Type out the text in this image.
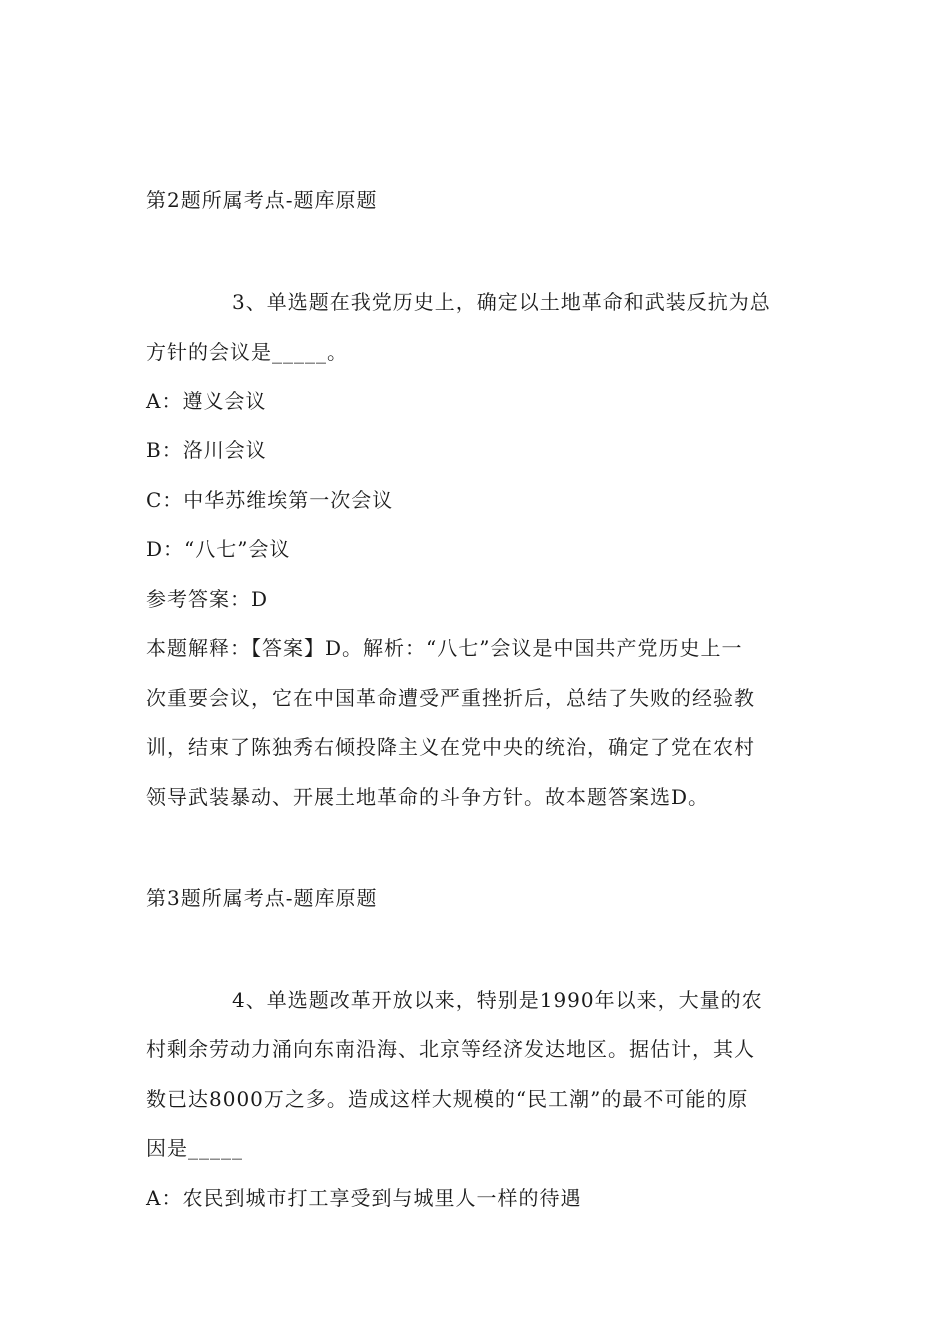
第2题所属考点-题库原题
3、单选题在我党历史上，确定以土地革命和武装反抗为总
方针的会议是_____。
A：遵义会议
B：洛川会议
C：中华苏维埃第一次会议
D：“八七”会议
参考答案：D
本题解释：【答案】D。解析：“八七”会议是中国共产党历史上一
次重要会议，它在中国革命遭受严重挫折后，总结了失败的经验教
训，结束了陈独秀右倾投降主义在党中央的统治，确定了党在农村
领导武装暴动、开展土地革命的斗争方针。故本题答案选D。
第3题所属考点-题库原题
4、单选题改革开放以来，特别是1990年以来，大量的农
村剩余劳动力涌向东南沿海、北京等经济发达地区。据估计，其人
数已达8000万之多。造成这样大规模的“民工潮”的最不可能的原
因是_____
A：农民到城市打工享受到与城里人一样的待遇
